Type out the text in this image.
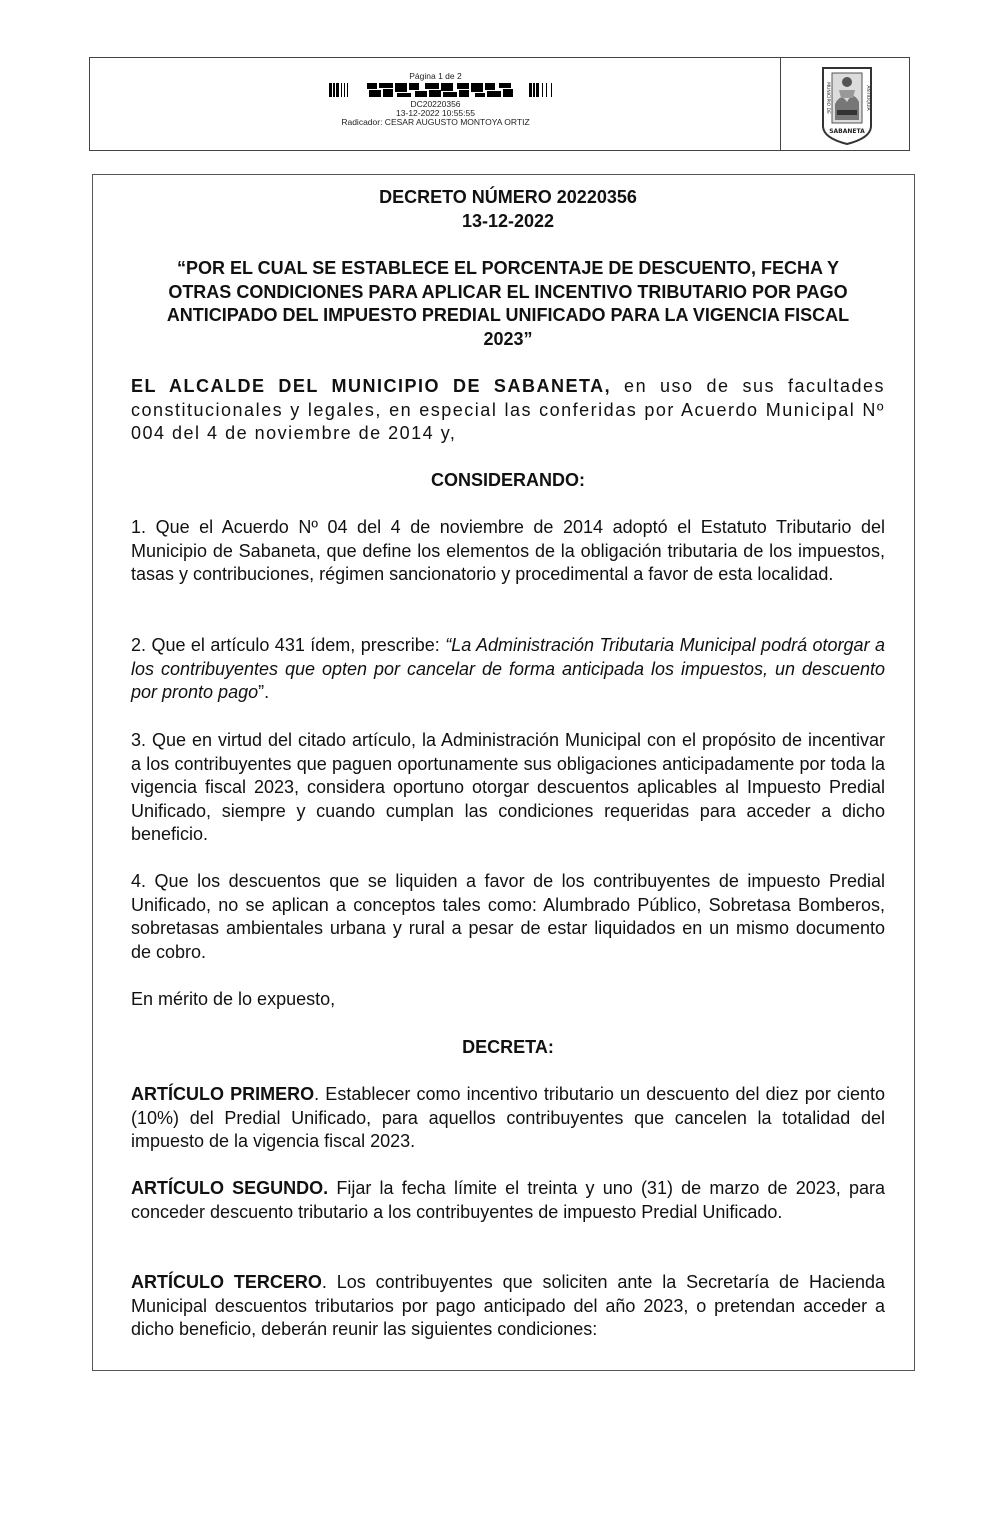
Página 1 de 2
DC20220356
13-12-2022 10:55:55
Radicador: CESAR AUGUSTO MONTOYA ORTIZ
MUNICIPIO DE	ANTIOQUIA
SABANETA
DECRETO NÚMERO 20220356
13-12-2022
“POR EL CUAL SE ESTABLECE EL PORCENTAJE DE DESCUENTO, FECHA Y
OTRAS CONDICIONES PARA APLICAR EL INCENTIVO TRIBUTARIO POR PAGO
ANTICIPADO DEL IMPUESTO PREDIAL UNIFICADO PARA LA VIGENCIA FISCAL
2023”
EL ALCALDE DEL MUNICIPIO DE SABANETA, en uso de sus facultades constitucionales y legales, en especial las conferidas por Acuerdo Municipal Nº 004 del 4 de noviembre de 2014 y,
CONSIDERANDO:
1. Que el Acuerdo Nº 04 del 4 de noviembre de 2014 adoptó el Estatuto Tributario del Municipio de Sabaneta, que define los elementos de la obligación tributaria de los impuestos, tasas y contribuciones, régimen sancionatorio y procedimental a favor de esta localidad.
2. Que el artículo 431 ídem, prescribe: “La Administración Tributaria Municipal podrá otorgar a los contribuyentes que opten por cancelar de forma anticipada los impuestos, un descuento por pronto pago”.
3. Que en virtud del citado artículo, la Administración Municipal con el propósito de incentivar a los contribuyentes que paguen oportunamente sus obligaciones anticipadamente por toda la vigencia fiscal 2023, considera oportuno otorgar descuentos aplicables al Impuesto Predial Unificado, siempre y cuando cumplan las condiciones requeridas para acceder a dicho beneficio.
4. Que los descuentos que se liquiden a favor de los contribuyentes de impuesto Predial Unificado, no se aplican a conceptos tales como: Alumbrado Público, Sobretasa Bomberos, sobretasas ambientales urbana y rural a pesar de estar liquidados en un mismo documento de cobro.
En mérito de lo expuesto,
DECRETA:
ARTÍCULO PRIMERO. Establecer como incentivo tributario un descuento del diez por ciento (10%) del Predial Unificado, para aquellos contribuyentes que cancelen la totalidad del impuesto de la vigencia fiscal 2023.
ARTÍCULO SEGUNDO. Fijar la fecha límite el treinta y uno (31) de marzo de 2023, para conceder descuento tributario a los contribuyentes de impuesto Predial Unificado.
ARTÍCULO TERCERO. Los contribuyentes que soliciten ante la Secretaría de Hacienda Municipal descuentos tributarios por pago anticipado del año 2023, o pretendan acceder a dicho beneficio, deberán reunir las siguientes condiciones:
